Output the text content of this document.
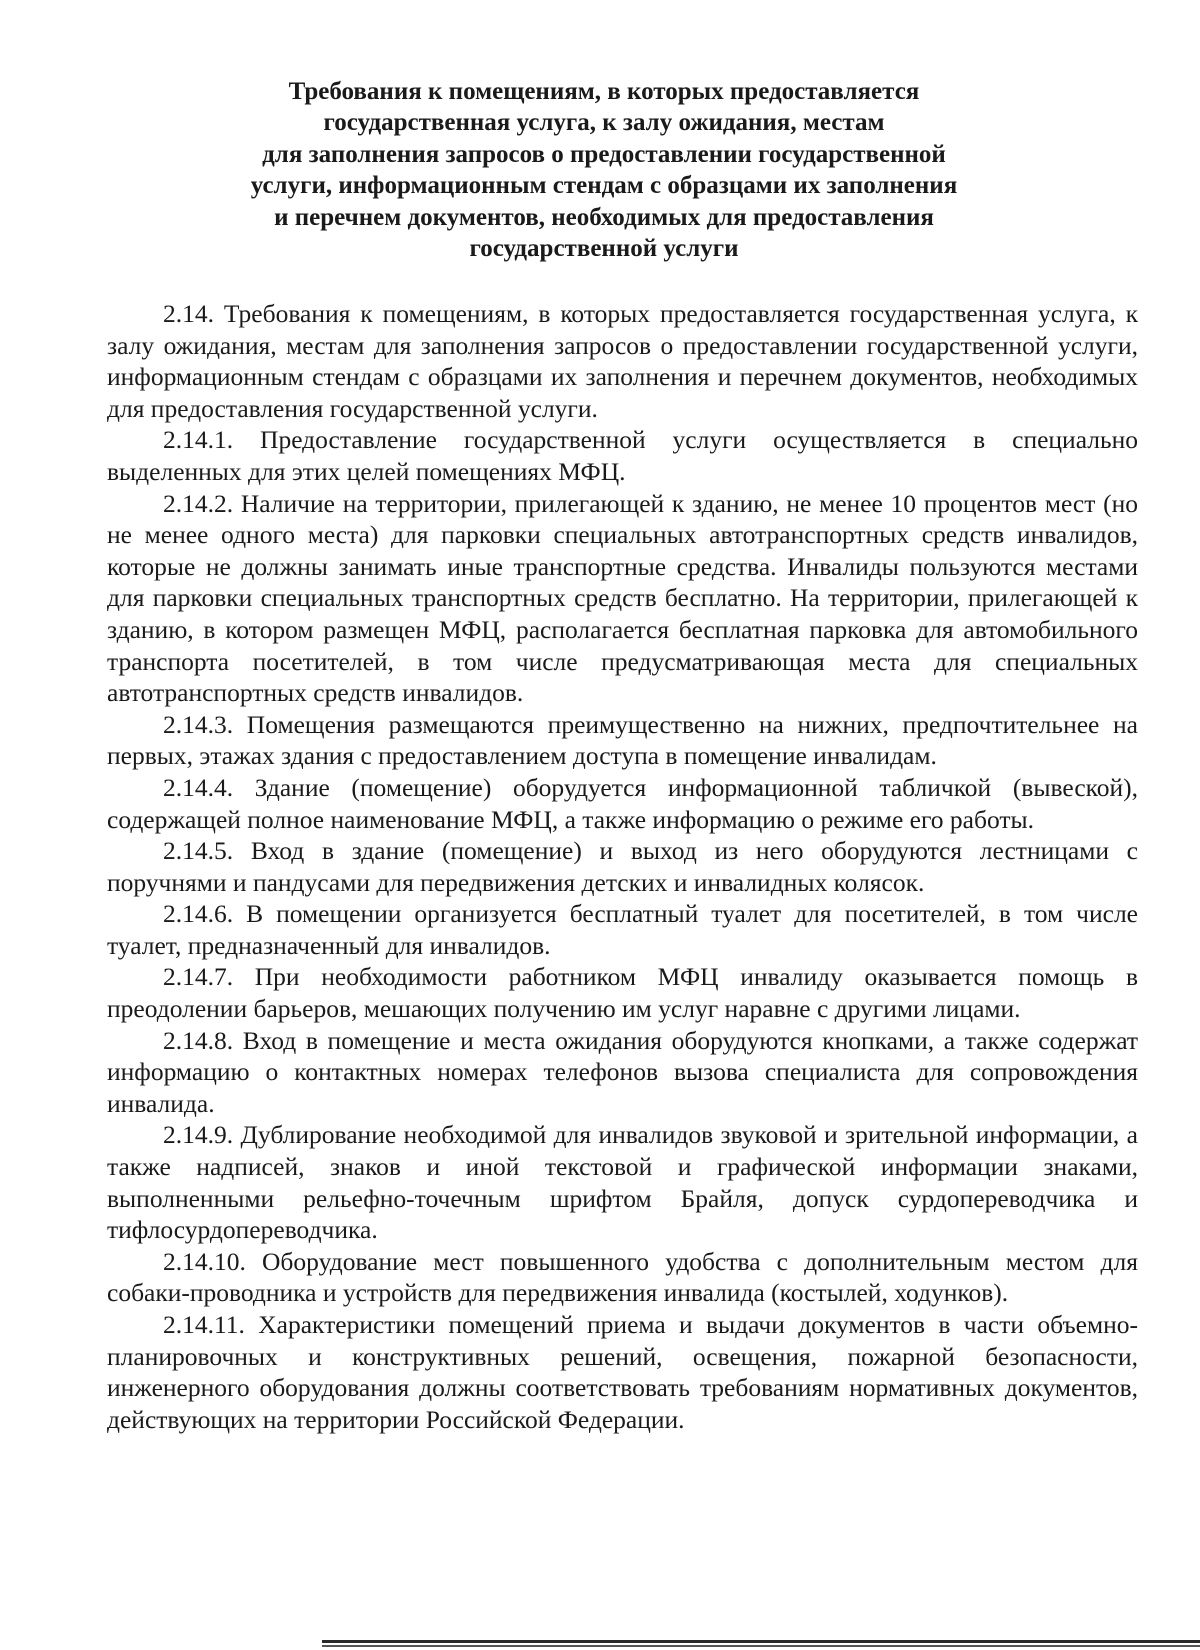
Требования к помещениям, в которых предоставляется
государственная услуга, к залу ожидания, местам
для заполнения запросов о предоставлении государственной
услуги, информационным стендам с образцами их заполнения
и перечнем документов, необходимых для предоставления
государственной услуги

2.14. Требования к помещениям, в которых предоставляется государственная услуга, к залу ожидания, местам для заполнения запросов о предоставлении государственной услуги, информационным стендам с образцами их заполнения и перечнем документов, необходимых для предоставления государственной услуги.

2.14.1. Предоставление государственной услуги осуществляется в специально выделенных для этих целей помещениях МФЦ.

2.14.2. Наличие на территории, прилегающей к зданию, не менее 10 процентов мест (но не менее одного места) для парковки специальных автотранспортных средств инвалидов, которые не должны занимать иные транспортные средства. Инвалиды пользуются местами для парковки специальных транспортных средств бесплатно. На территории, прилегающей к зданию, в котором размещен МФЦ, располагается бесплатная парковка для автомобильного транспорта посетителей, в том числе предусматривающая места для специальных автотранспортных средств инвалидов.

2.14.3. Помещения размещаются преимущественно на нижних, предпочтительнее на первых, этажах здания с предоставлением доступа в помещение инвалидам.

2.14.4. Здание (помещение) оборудуется информационной табличкой (вывеской), содержащей полное наименование МФЦ, а также информацию о режиме его работы.

2.14.5. Вход в здание (помещение) и выход из него оборудуются лестницами с поручнями и пандусами для передвижения детских и инвалидных колясок.

2.14.6. В помещении организуется бесплатный туалет для посетителей, в том числе туалет, предназначенный для инвалидов.

2.14.7. При необходимости работником МФЦ инвалиду оказывается помощь в преодолении барьеров, мешающих получению им услуг наравне с другими лицами.

2.14.8. Вход в помещение и места ожидания оборудуются кнопками, а также содержат информацию о контактных номерах телефонов вызова специалиста для сопровождения инвалида.

2.14.9. Дублирование необходимой для инвалидов звуковой и зрительной информации, а также надписей, знаков и иной текстовой и графической информации знаками, выполненными рельефно-точечным шрифтом Брайля, допуск сурдопереводчика и тифлосурдопереводчика.

2.14.10. Оборудование мест повышенного удобства с дополнительным местом для собаки-проводника и устройств для передвижения инвалида (костылей, ходунков).

2.14.11. Характеристики помещений приема и выдачи документов в части объемно-планировочных и конструктивных решений, освещения, пожарной безопасности, инженерного оборудования должны соответствовать требованиям нормативных документов, действующих на территории Российской Федерации.
